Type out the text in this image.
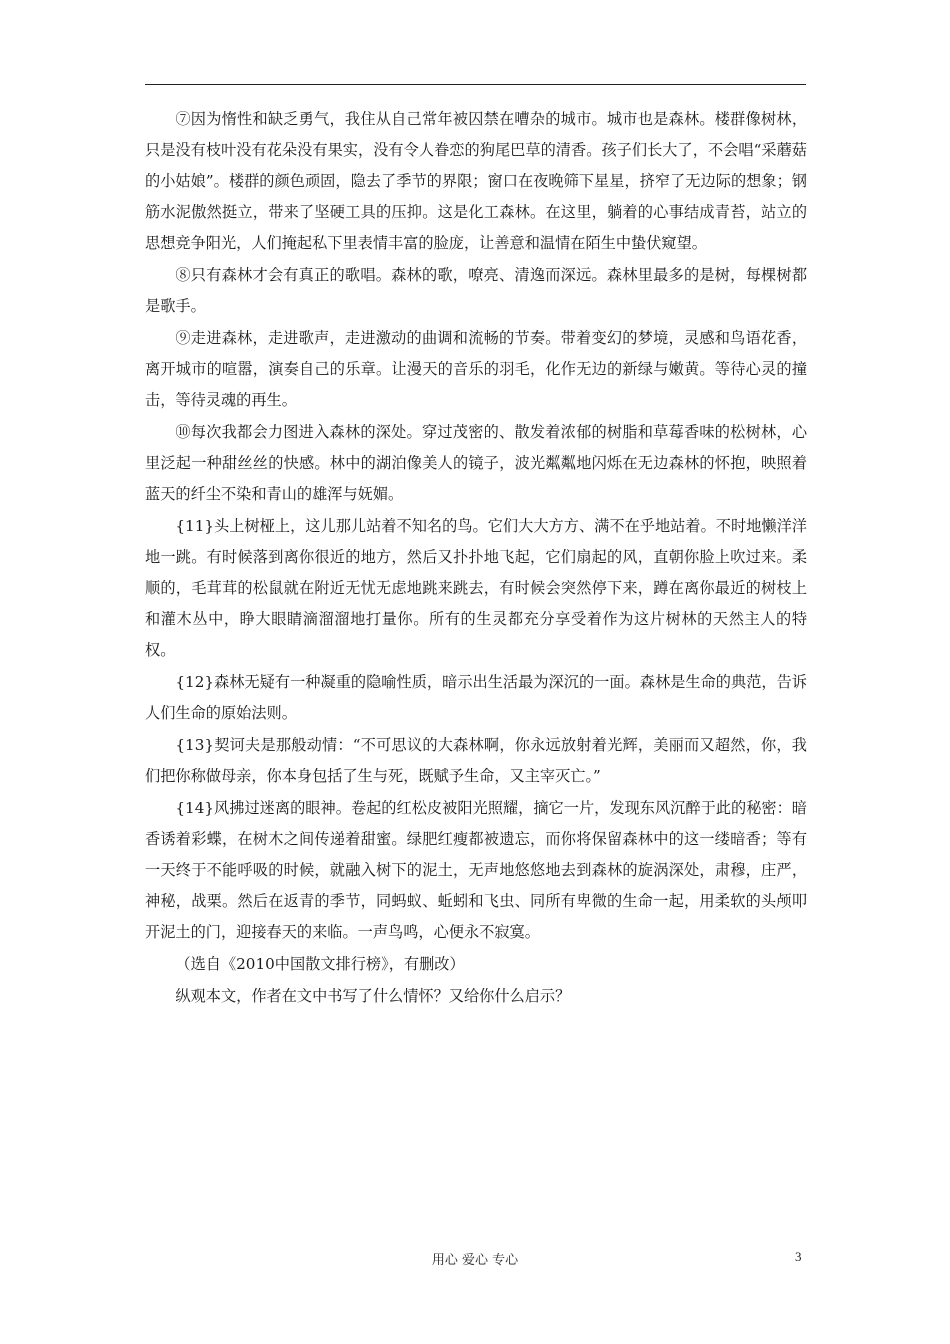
⑦因为惰性和缺乏勇气，我住从自己常年被囚禁在嘈杂的城市。城市也是森林。楼群像树林，只是没有枝叶没有花朵没有果实，没有令人眷恋的狗尾巴草的清香。孩子们长大了，不会唱“采蘑菇的小姑娘”。楼群的颜色顽固，隐去了季节的界限；窗口在夜晚筛下星星，挤窄了无边际的想象；钢筋水泥傲然挺立，带来了坚硬工具的压抑。这是化工森林。在这里，躺着的心事结成青苔，站立的思想竞争阳光，人们掩起私下里表情丰富的脸庞，让善意和温情在陌生中蛰伏窥望。

⑧只有森林才会有真正的歌唱。森林的歌，嘹亮、清逸而深远。森林里最多的是树，每棵树都是歌手。

⑨走进森林，走进歌声，走进激动的曲调和流畅的节奏。带着变幻的梦境，灵感和鸟语花香，离开城市的喧嚣，演奏自己的乐章。让漫天的音乐的羽毛，化作无边的新绿与嫩黄。等待心灵的撞击，等待灵魂的再生。

⑩每次我都会力图进入森林的深处。穿过茂密的、散发着浓郁的树脂和草莓香味的松树林，心里泛起一种甜丝丝的快感。林中的湖泊像美人的镜子，波光粼粼地闪烁在无边森林的怀抱，映照着蓝天的纤尘不染和青山的雄浑与妩媚。

{11}头上树桠上，这儿那儿站着不知名的鸟。它们大大方方、满不在乎地站着。不时地懒洋洋地一跳。有时候落到离你很近的地方，然后又扑扑地飞起，它们扇起的风，直朝你脸上吹过来。柔顺的，毛茸茸的松鼠就在附近无忧无虑地跳来跳去，有时候会突然停下来，蹲在离你最近的树枝上和灌木丛中，睁大眼睛滴溜溜地打量你。所有的生灵都充分享受着作为这片树林的天然主人的特权。

{12}森林无疑有一种凝重的隐喻性质，暗示出生活最为深沉的一面。森林是生命的典范，告诉人们生命的原始法则。

{13}契诃夫是那般动情：“不可思议的大森林啊，你永远放射着光辉，美丽而又超然，你，我们把你称做母亲，你本身包括了生与死，既赋予生命，又主宰灭亡。”

{14}风拂过迷离的眼神。卷起的红松皮被阳光照耀，摘它一片，发现东风沉醉于此的秘密：暗香诱着彩蝶，在树木之间传递着甜蜜。绿肥红瘦都被遗忘，而你将保留森林中的这一缕暗香；等有一天终于不能呼吸的时候，就融入树下的泥土，无声地悠悠地去到森林的旋涡深处，肃穆，庄严，神秘，战栗。然后在返青的季节，同蚂蚁、蚯蚓和飞虫、同所有卑微的生命一起，用柔软的头颅叩开泥土的门，迎接春天的来临。一声鸟鸣，心便永不寂寞。

（选自《2010中国散文排行榜》，有删改）

纵观本文，作者在文中书写了什么情怀？又给你什么启示？

用心 爱心 专心	3
